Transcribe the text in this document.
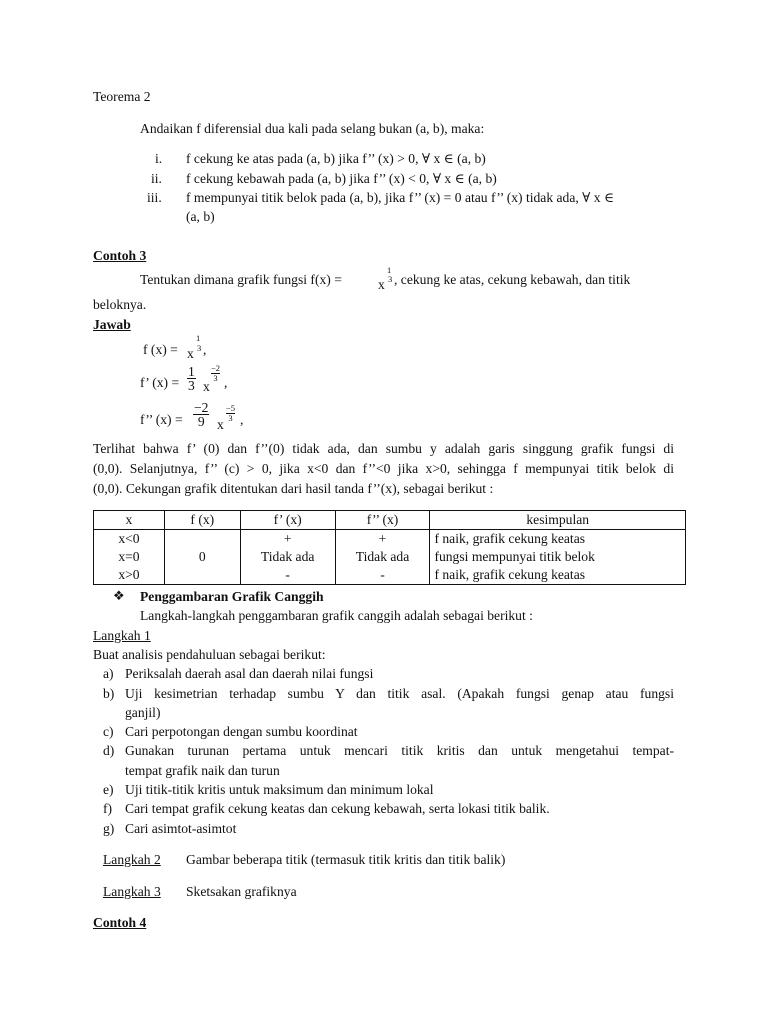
Teorema 2
Andaikan f diferensial dua kali pada selang bukan (a, b), maka:
i. f cekung ke atas pada (a, b) jika f’’ (x) > 0, ∀ x ∈ (a, b)
ii. f cekung kebawah pada (a, b) jika f’’ (x) < 0, ∀ x ∈ (a, b)
iii. f mempunyai titik belok pada (a, b), jika f’’ (x) = 0 atau f’’ (x) tidak ada, ∀ x ∈
(a, b)
Contoh 3
Tentukan dimana grafik fungsi f(x) =	x
1
3 , cekung ke atas, cekung kebawah, dan titik
beloknya.
Jawab
f (x) = x
1
3 ,
f’ $(x) = \frac{1}{3}$ x
$\frac{-2}{3}$ ,
f’’ $(x) = \frac{-2}{9}$ x
$\frac{-5}{3}$ ,
Terlihat bahwa f’ (0) dan f’’(0) tidak ada, dan sumbu y adalah garis singgung grafik fungsi di
(0,0). Selanjutnya, f’’ (c) > 0, jika x<0 dan f’’<0 jika x>0, sehingga f mempunyai titik belok di
(0,0). Cekungan grafik ditentukan dari hasil tanda f’’(x), sebagai berikut :
x	f (x)	f’ (x)	f’’ (x)	kesimpulan
x<0		+	+	f naik, grafik cekung keatas
x=0	0	Tidak ada	Tidak ada	fungsi mempunyai titik belok
x>0		-	-	f naik, grafik cekung keatas
❖ Penggambaran Grafik Canggih
Langkah-langkah penggambaran grafik canggih adalah sebagai berikut :
Langkah 1
Buat analisis pendahuluan sebagai berikut:
a) Periksalah daerah asal dan daerah nilai fungsi
b) Uji kesimetrian terhadap sumbu Y dan titik asal. (Apakah fungsi genap atau fungsi
ganjil)
c) Cari perpotongan dengan sumbu koordinat
d) Gunakan turunan pertama untuk mencari titik kritis dan untuk mengetahui tempat-
tempat grafik naik dan turun
e) Uji titik-titik kritis untuk maksimum dan minimum lokal
f) Cari tempat grafik cekung keatas dan cekung kebawah, serta lokasi titik balik.
g) Cari asimtot-asimtot
Langkah 2 Gambar beberapa titik (termasuk titik kritis dan titik balik)
Langkah 3 Sketsakan grafiknya
Contoh 4
